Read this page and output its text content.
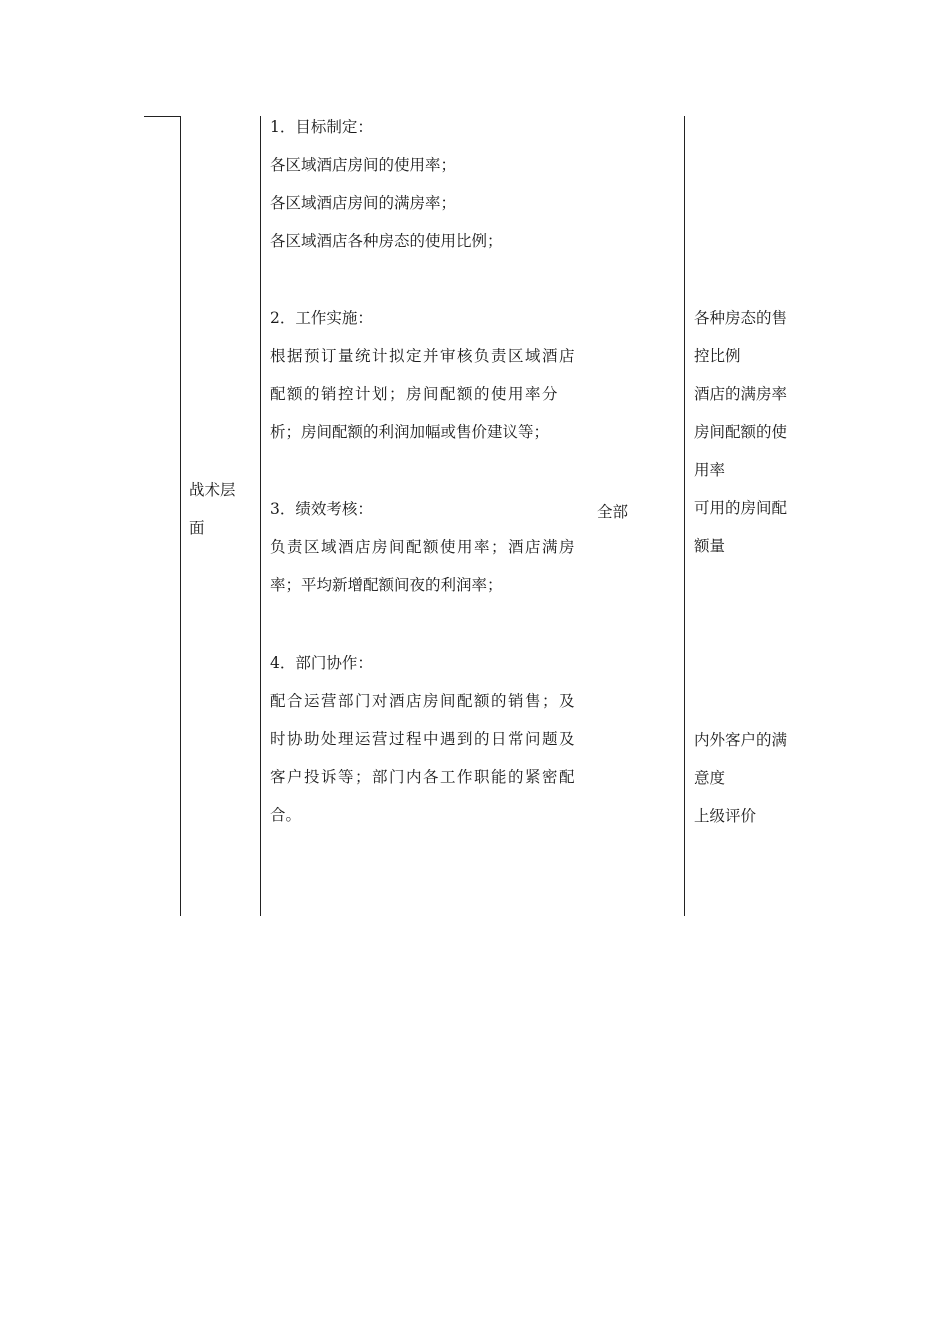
战术层
面
1．目标制定：
各区域酒店房间的使用率；
各区域酒店房间的满房率；
各区域酒店各种房态的使用比例；
2．工作实施：
根据预订量统计拟定并审核负责区域酒店
配额的销控计划；房间配额的使用率分
析；房间配额的利润加幅或售价建议等；
3．绩效考核：
负责区域酒店房间配额使用率；酒店满房
率；平均新增配额间夜的利润率；
4．部门协作：
配合运营部门对酒店房间配额的销售；及
时协助处理运营过程中遇到的日常问题及
客户投诉等；部门内各工作职能的紧密配
合。
全部
各种房态的售
控比例
酒店的满房率
房间配额的使
用率
可用的房间配
额量
内外客户的满
意度
上级评价
